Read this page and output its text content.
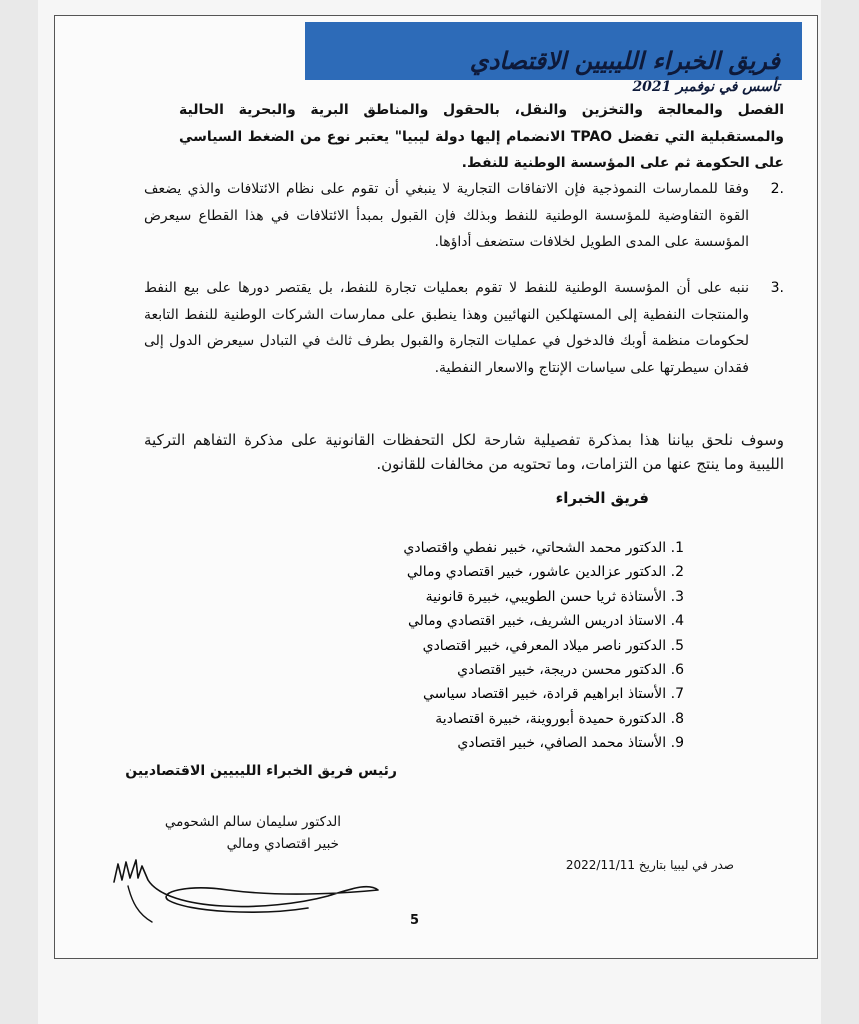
فريق الخبراء الليبيين الاقتصادي
تأسس في نوفمبر 2021
الفصل والمعالجة والتخزين والنقل، بالحقول والمناطق البرية والبحرية الحالية والمستقبلية التي تفضل TPAO الانضمام إليها دولة ليبيا" يعتبر نوع من الضغط السياسي على الحكومة ثم على المؤسسة الوطنية للنفط.
.2
وفقا للممارسات النموذجية فإن الاتفاقات التجارية لا ينبغي أن تقوم على نظام الائتلافات والذي يضعف القوة التفاوضية للمؤسسة الوطنية للنفط وبذلك فإن القبول بمبدأ الائتلافات في هذا القطاع سيعرض المؤسسة على المدى الطويل لخلافات ستضعف أداؤها.
.3
ننبه على أن المؤسسة الوطنية للنفط لا تقوم بعمليات تجارة للنفط، بل يقتصر دورها على بيع النفط والمنتجات النفطية إلى المستهلكين النهائيين وهذا ينطبق على ممارسات الشركات الوطنية للنفط التابعة لحكومات منظمة أوبك فالدخول في عمليات التجارة والقبول بطرف ثالث في التبادل سيعرض الدول إلى فقدان سيطرتها على سياسات الإنتاج والاسعار النفطية.
وسوف نلحق بياننا هذا بمذكرة تفصيلية شارحة لكل التحفظات القانونية على مذكرة التفاهم التركية الليبية وما ينتج عنها من التزامات، وما تحتويه من مخالفات للقانون.
فريق الخبراء
1. الدكتور محمد الشحاتي، خبير نفطي واقتصادي
2. الدكتور عزالدين عاشور، خبير اقتصادي ومالي
3. الأستاذة ثريا حسن الطويبي، خبيرة قانونية
4. الاستاذ ادريس الشريف، خبير اقتصادي ومالي
5. الدكتور ناصر ميلاد المعرفي، خبير اقتصادي
6. الدكتور محسن دريجة، خبير اقتصادي
7. الأستاذ ابراهيم قرادة، خبير اقتصاد سياسي
8. الدكتورة حميدة أبوروينة، خبيرة اقتصادية
9. الأستاذ محمد الصافي، خبير اقتصادي
رئيس فريق الخبراء الليبيين الاقتصاديين
الدكتور سليمان سالم الشحومي
خبير اقتصادي ومالي
صدر في ليبيا بتاريخ 2022/11/11
5
